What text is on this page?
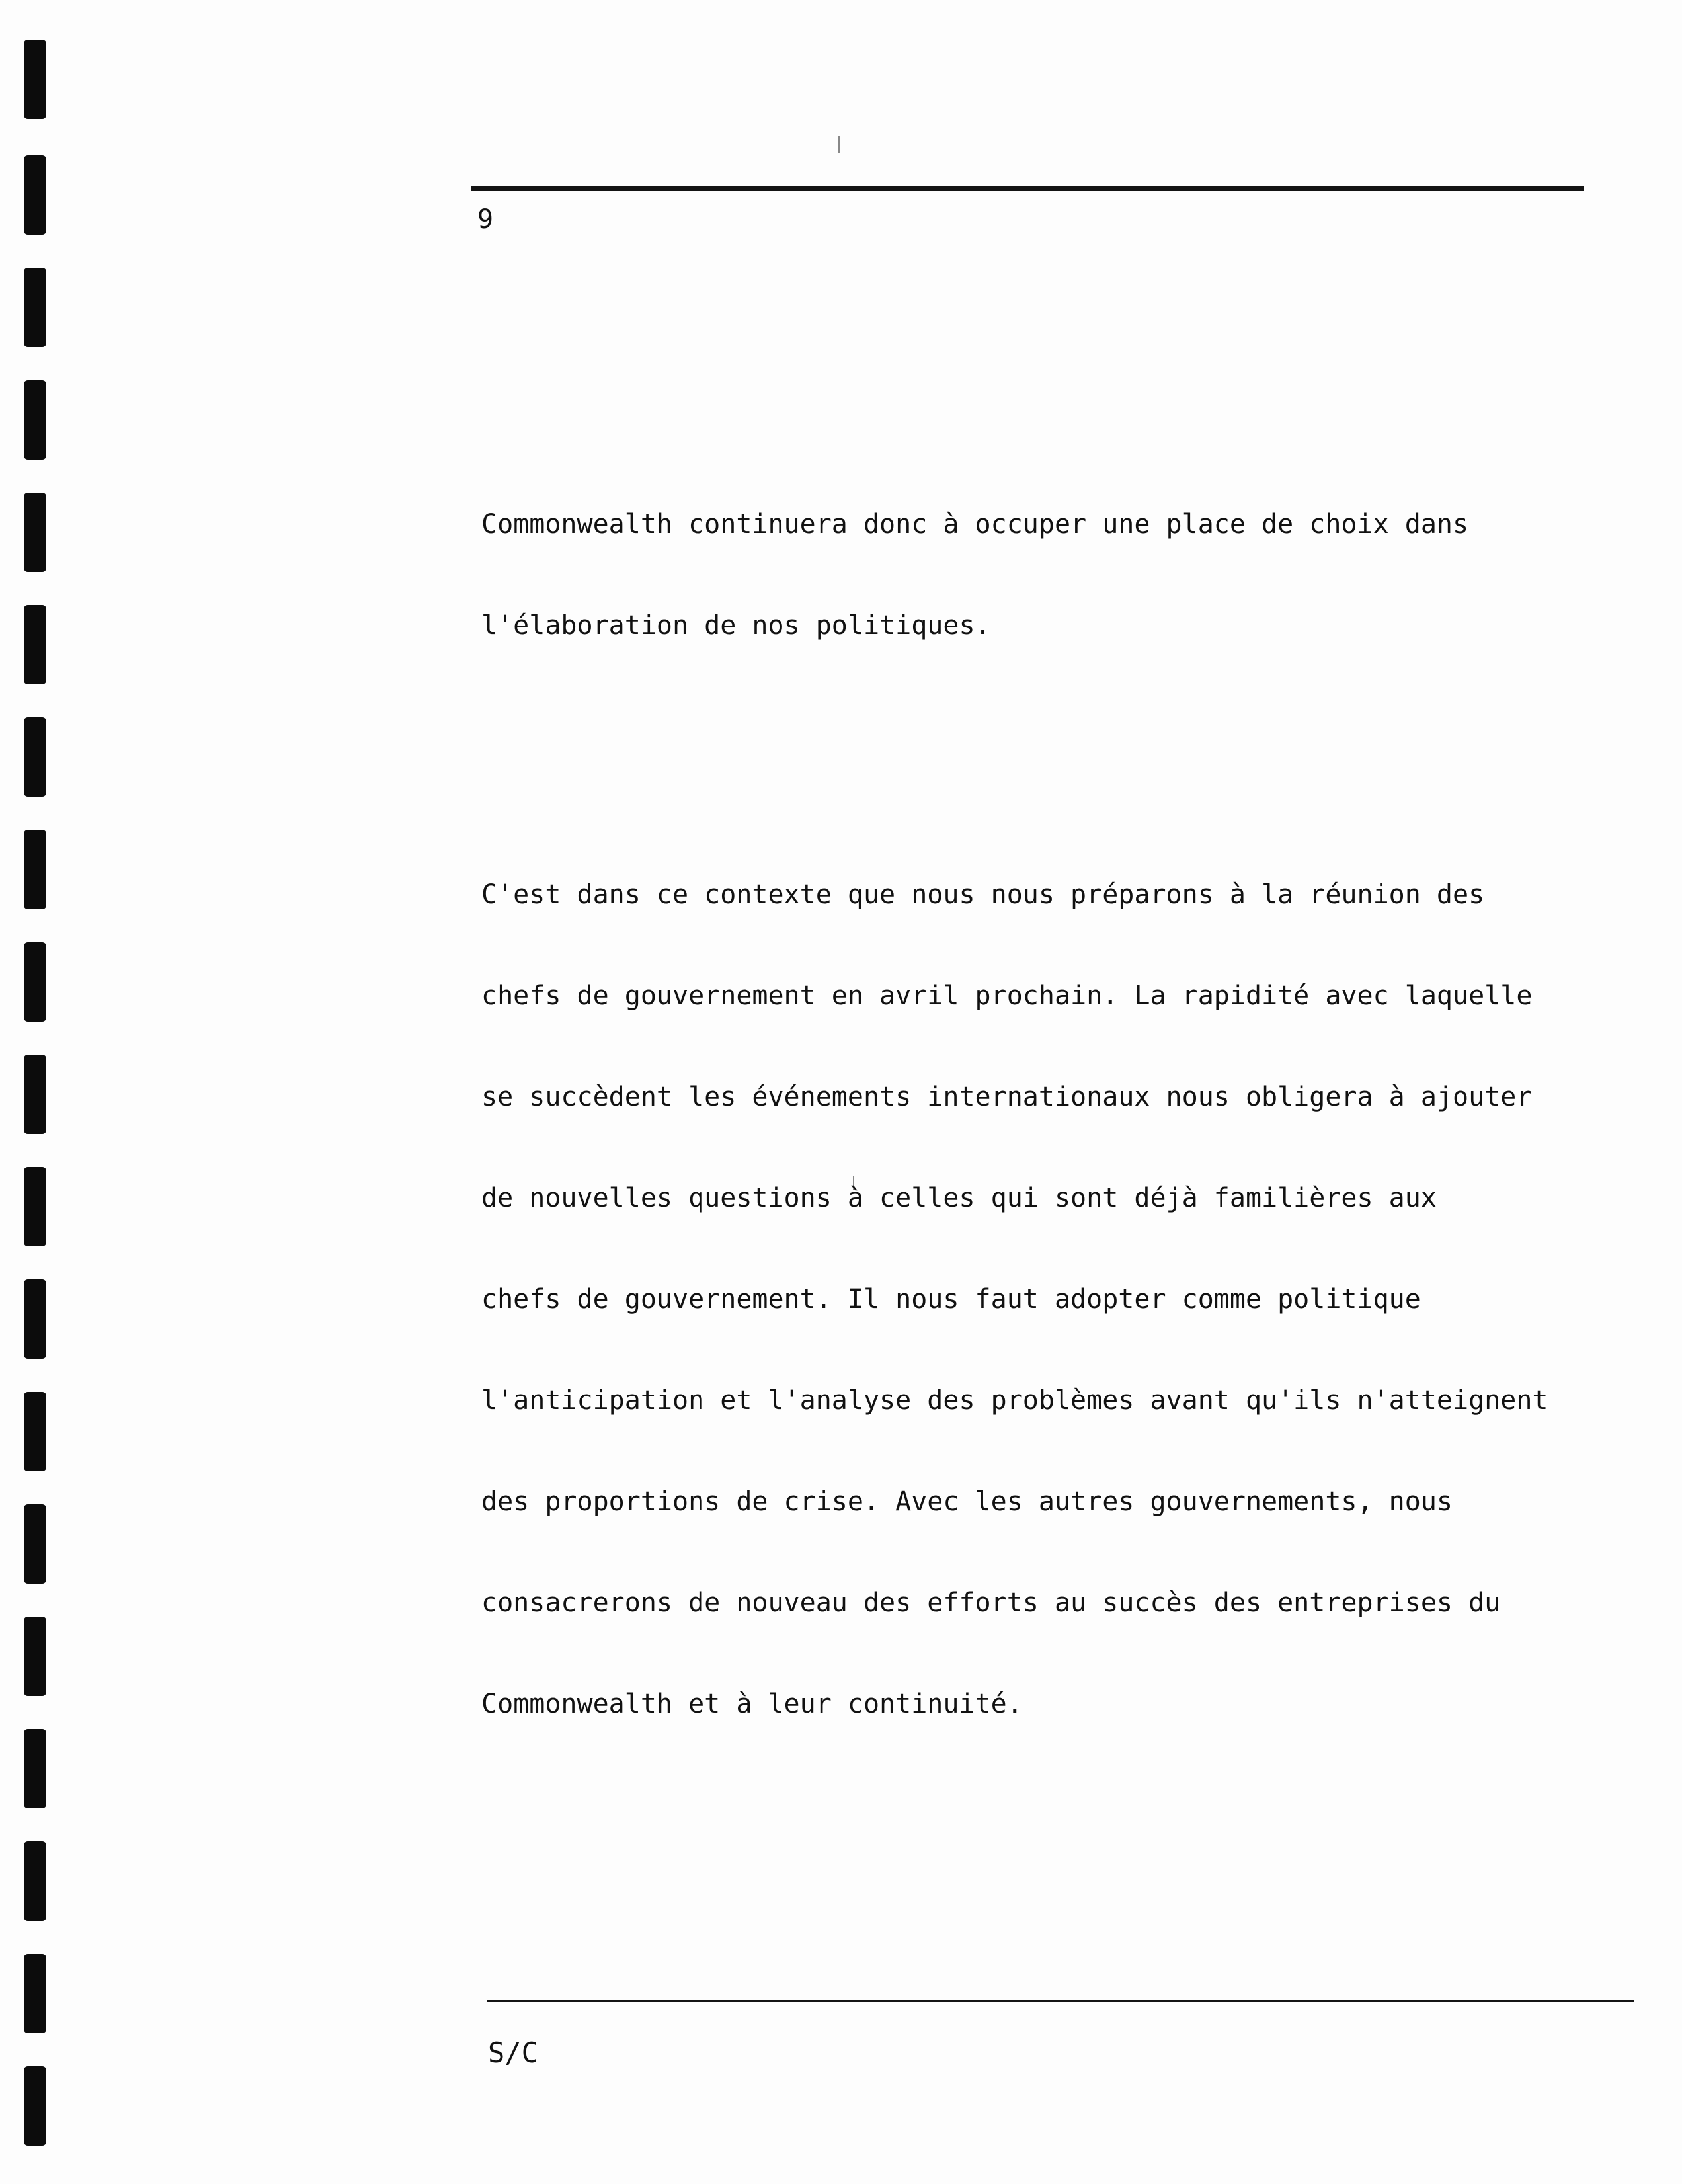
9

Commonwealth continuera donc à occuper une place de choix dans

l'élaboration de nos politiques.

C'est dans ce contexte que nous nous préparons à la réunion des

chefs de gouvernement en avril prochain. La rapidité avec laquelle

se succèdent les événements internationaux nous obligera à ajouter

de nouvelles questions à celles qui sont déjà familières aux

chefs de gouvernement. Il nous faut adopter comme politique

l'anticipation et l'analyse des problèmes avant qu'ils n'atteignent

des proportions de crise. Avec les autres gouvernements, nous

consacrerons de nouveau des efforts au succès des entreprises du

Commonwealth et à leur continuité.

S/C
